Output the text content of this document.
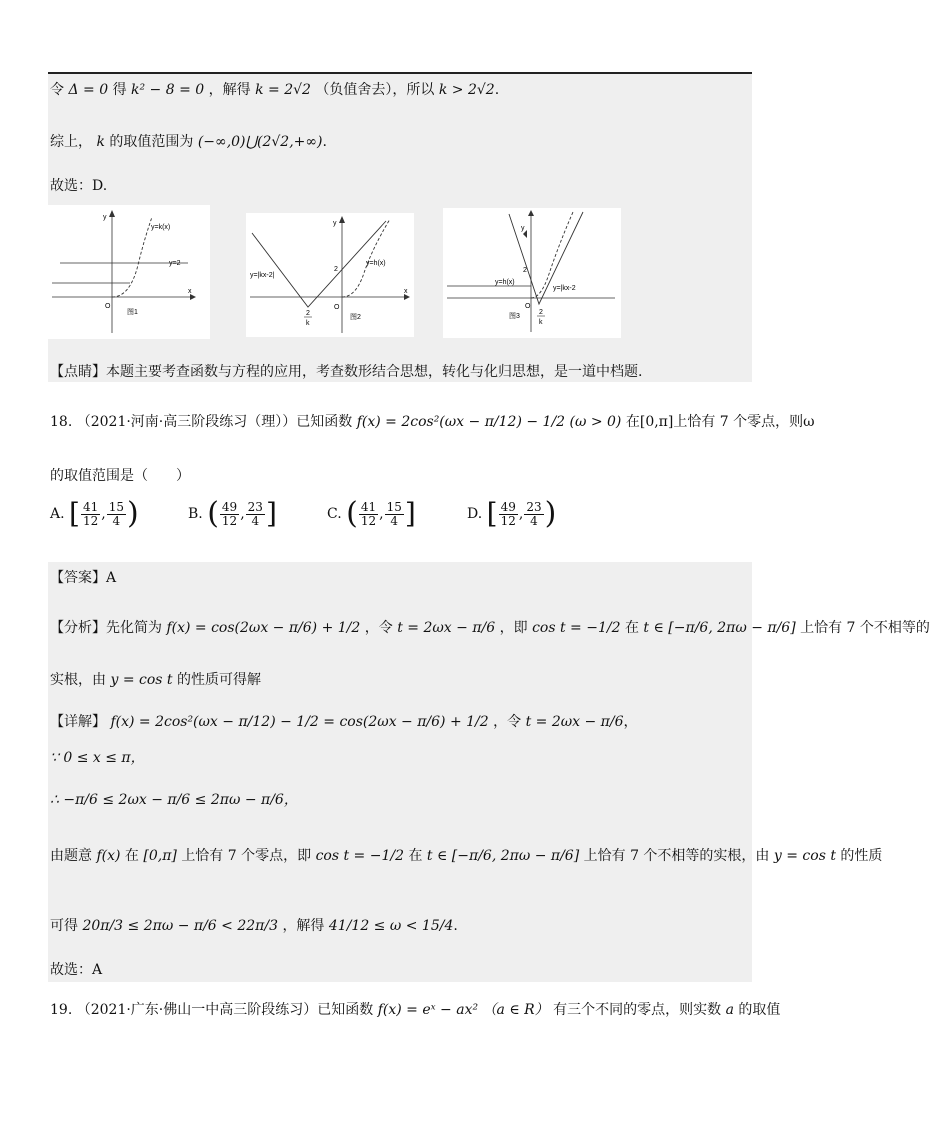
令 Δ = 0 得 k² − 8 = 0 ，解得 k = 2√2 （负值舍去），所以 k > 2√2.
综上， k 的取值范围为 (−∞,0)⋃(2√2,+∞).
故选：D.
y=k(x)
y=2
x
y
O
图1
y=|kx-2|
y=h(x)
2
2
k
x
y
O
图2
y=h(x)
y=|kx-2
2
2
k
y
O
图3
【点睛】本题主要考查函数与方程的应用，考查数形结合思想，转化与化归思想，是一道中档题.
18. （2021·河南·高三阶段练习（理））已知函数 f(x) = 2cos²(ωx − π/12) − 1/2 (ω > 0) 在[0,π]上恰有 7 个零点，则ω
的取值范围是（　　）
A. [ $\frac{41}{12}$ , $\frac{15}{4}$ )	B. ( $\frac{49}{12}$ , $\frac{23}{4}$ ]	C. ( $\frac{41}{12}$ , $\frac{15}{4}$ ]	D. [ $\frac{49}{12}$ , $\frac{23}{4}$ )
【答案】A
【分析】先化简为 f(x) = cos(2ωx − π/6) + 1/2 ，令 t = 2ωx − π/6 ，即 cos t = −1/2 在 t ∈ [−π/6, 2πω − π/6] 上恰有 7 个不相等的
实根，由 y = cos t 的性质可得解
【详解】 f(x) = 2cos²(ωx − π/12) − 1/2 = cos(2ωx − π/6) + 1/2 ，令 t = 2ωx − π/6，
∵ 0 ≤ x ≤ π，
∴ −π/6 ≤ 2ωx − π/6 ≤ 2πω − π/6，
由题意 f(x) 在 [0,π] 上恰有 7 个零点，即 cos t = −1/2 在 t ∈ [−π/6, 2πω − π/6] 上恰有 7 个不相等的实根，由 y = cos t 的性质
可得 20π/3 ≤ 2πω − π/6 < 22π/3 ，解得 41/12 ≤ ω < 15/4.
故选：A
19. （2021·广东·佛山一中高三阶段练习）已知函数 f(x) = eˣ − ax² （a ∈ R） 有三个不同的零点，则实数 a 的取值
